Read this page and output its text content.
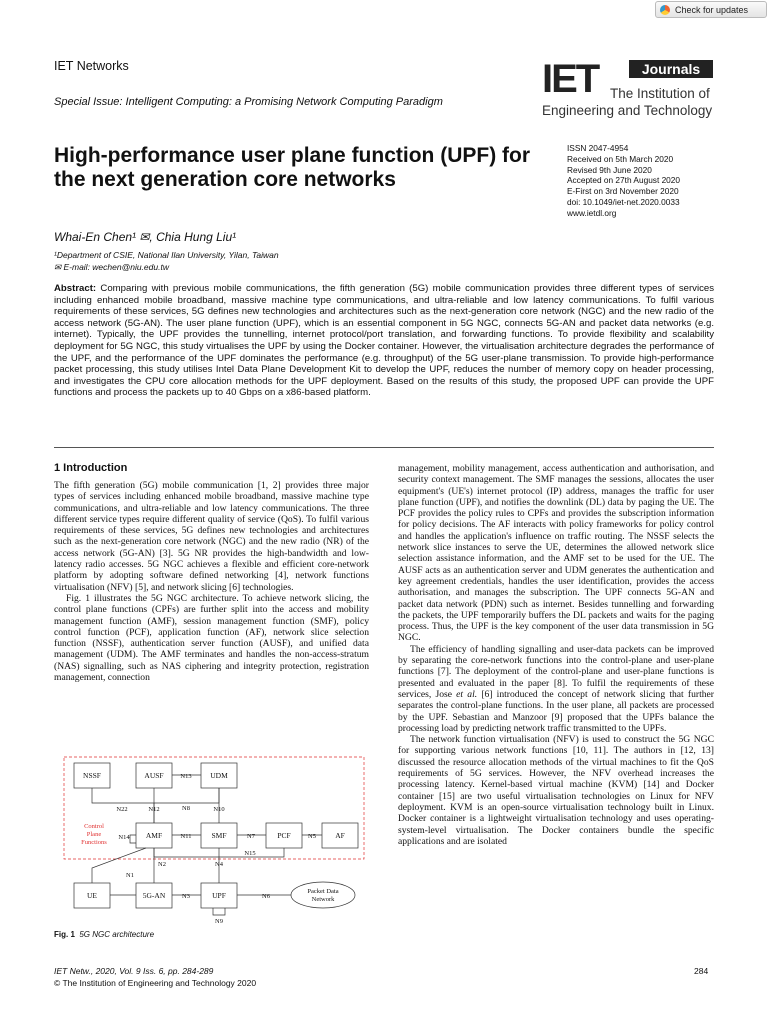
Check for updates
IET Networks
Special Issue: Intelligent Computing: a Promising Network Computing Paradigm
IET	Journals
The Institution of
Engineering and Technology
High-performance user plane function (UPF) for the next generation core networks
ISSN 2047-4954
Received on 5th March 2020
Revised 9th June 2020
Accepted on 27th August 2020
E-First on 3rd November 2020
doi: 10.1049/iet-net.2020.0033
www.ietdl.org
Whai-En Chen¹ ✉, Chia Hung Liu¹
¹Department of CSIE, National Ilan University, Yilan, Taiwan
✉ E-mail: wechen@niu.edu.tw
Abstract: Comparing with previous mobile communications, the fifth generation (5G) mobile communication provides three different types of services including enhanced mobile broadband, massive machine type communications, and ultra-reliable and low latency communications. To fulfil various requirements of these services, 5G defines new technologies and architectures such as the next-generation core network (NGC) and the new radio of the access network (5G-AN). The user plane function (UPF), which is an essential component in 5G NGC, connects 5G-AN and packet data networks (e.g. internet). Typically, the UPF provides the tunnelling, internet protocol/port translation, and forwarding functions. To provide flexibility and scalability deployment for 5G NGC, this study virtualises the UPF by using the Docker container. However, the virtualisation architecture degrades the performance of the UPF, and the performance of the UPF dominates the performance (e.g. throughput) of the 5G user-plane transmission. To provide high-performance packet processing, this study utilises Intel Data Plane Development Kit to develop the UPF, reduces the number of memory copy on header processing, and investigates the CPU core allocation methods for the UPF deployment. Based on the results of this study, the proposed UPF can provide the UPF functions and process the packets up to 40 Gbps on a x86-based platform.
1 Introduction

The fifth generation (5G) mobile communication [1, 2] provides three major types of services including enhanced mobile broadband, massive machine type communications, and ultra-reliable and low latency communications. The three different service types require different quality of service (QoS). To fulfil various requirements of these services, 5G defines new technologies and architectures such as the next-generation core network (NGC) and the new radio (NR) of the access network (5G-AN) [3]. 5G NR provides the high-bandwidth and low-latency radio accesses. 5G NGC achieves a flexible and efficient core-network platform by adopting software defined networking [4], network functions virtualisation (NFV) [5], and network slicing [6] technologies.

Fig. 1 illustrates the 5G NGC architecture. To achieve network slicing, the control plane functions (CPFs) are further split into the access and mobility management function (AMF), session management function (SMF), policy control function (PCF), application function (AF), network slice selection function (NSSF), authentication server function (AUSF), and unified data management (UDM). The AMF terminates and handles the non-access-stratum (NAS) signalling, such as NAS ciphering and integrity protection, registration management, connection

management, mobility management, access authentication and authorisation, and security context management. The SMF manages the sessions, allocates the user equipment's (UE's) internet protocol (IP) address, manages the traffic for user plane function (UPF), and notifies the downlink (DL) data by paging the UE. The PCF provides the policy rules to CPFs and provides the subscription information for policy decisions. The AF interacts with policy frameworks for policy control and handles the application's influence on traffic routing. The NSSF selects the network slice instances to serve the UE, determines the allowed network slice selection assistance information, and the AMF set to be used for the UE. The AUSF acts as an authentication server and UDM generates the authentication and key agreement credentials, handles the user identification, provides the access authorisation, and manages the subscription. The UPF connects 5G-AN and packet data network (PDN) such as internet. Besides tunnelling and forwarding the packets, the UPF temporarily buffers the DL packets and waits for the paging process. Thus, the UPF is the key component of the user data transmission in 5G NGC.

The efficiency of handling signalling and user-data packets can be improved by separating the core-network functions into the control-plane and user-plane functions [7]. The deployment of the control-plane and user-plane functions is presented and evaluated in the paper [8]. To fulfil the requirements of these services, Jose et al. [6] introduced the concept of network slicing that further separates the control-plane functions. In the user plane, all packets are processed by the UPF. Sebastian and Manzoor [9] proposed that the UPFs balance the processing load by predicting network traffic transmitted to the UPFs.

The network function virtualisation (NFV) is used to construct the 5G NGC for supporting various network functions [10, 11]. The authors in [12, 13] discussed the resource allocation methods of the virtual machines to fit the QoS requirements of 5G services. However, the NFV overhead increases the processing latency. Kernel-based virtual machine (KVM) [14] and Docker container [15] are two useful virtualisation technologies on Linux for NFV deployment. KVM is an open-source virtualisation technology built in Linux. Docker container is a lightweight virtualisation technology and uses operating-system-level virtualisation. The Docker containers bundle the specific applications and are isolated

NSSF	AUSF	UDM
AMF	SMF	PCF	AF
UE	5G-AN	UPF	Packet Data
Network
N13
N22	N12	N8	N10
N14	N11	N7	N5
N15
N2	N4
N1
N3	N6
N9
Control
Plane
Functions
Fig. 1 5G NGC architecture
IET Netw., 2020, Vol. 9 Iss. 6, pp. 284-289
© The Institution of Engineering and Technology 2020
284
